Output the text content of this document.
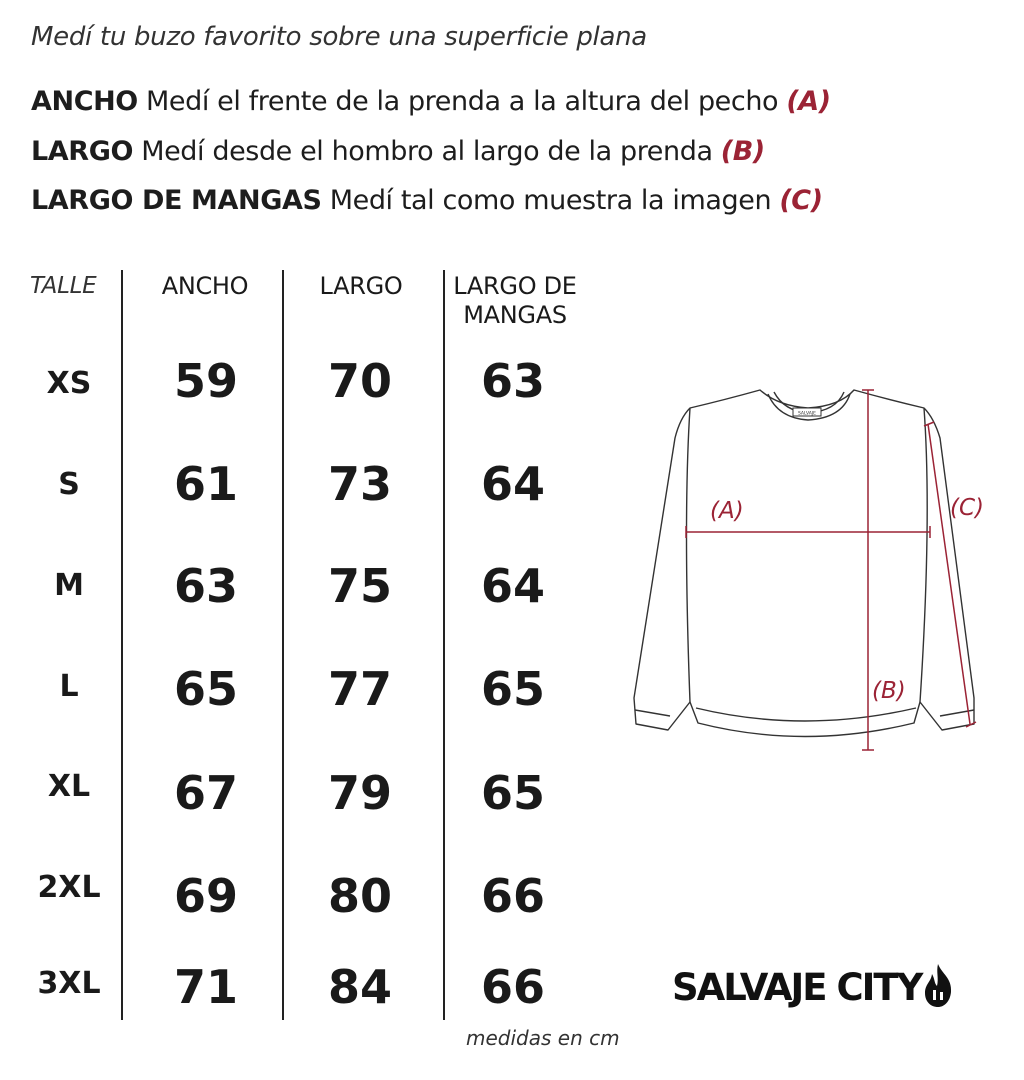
Medí tu buzo favorito sobre una superficie plana
ANCHO Medí el frente de la prenda a la altura del pecho (A)
LARGO Medí desde el hombro al largo de la prenda (B)
LARGO DE MANGAS Medí tal como muestra la imagen (C)
TALLE	ANCHO	LARGO	LARGO DE
MANGAS
XS	59	70	63
S	61	73	64
M	63	75	64
L	65	77	65
XL	67	79	65
2XL	69	80	66
3XL	71	84	66
medidas en cm
SALVAJE
(A)
(B)
(C)
SALVAJE CITY
